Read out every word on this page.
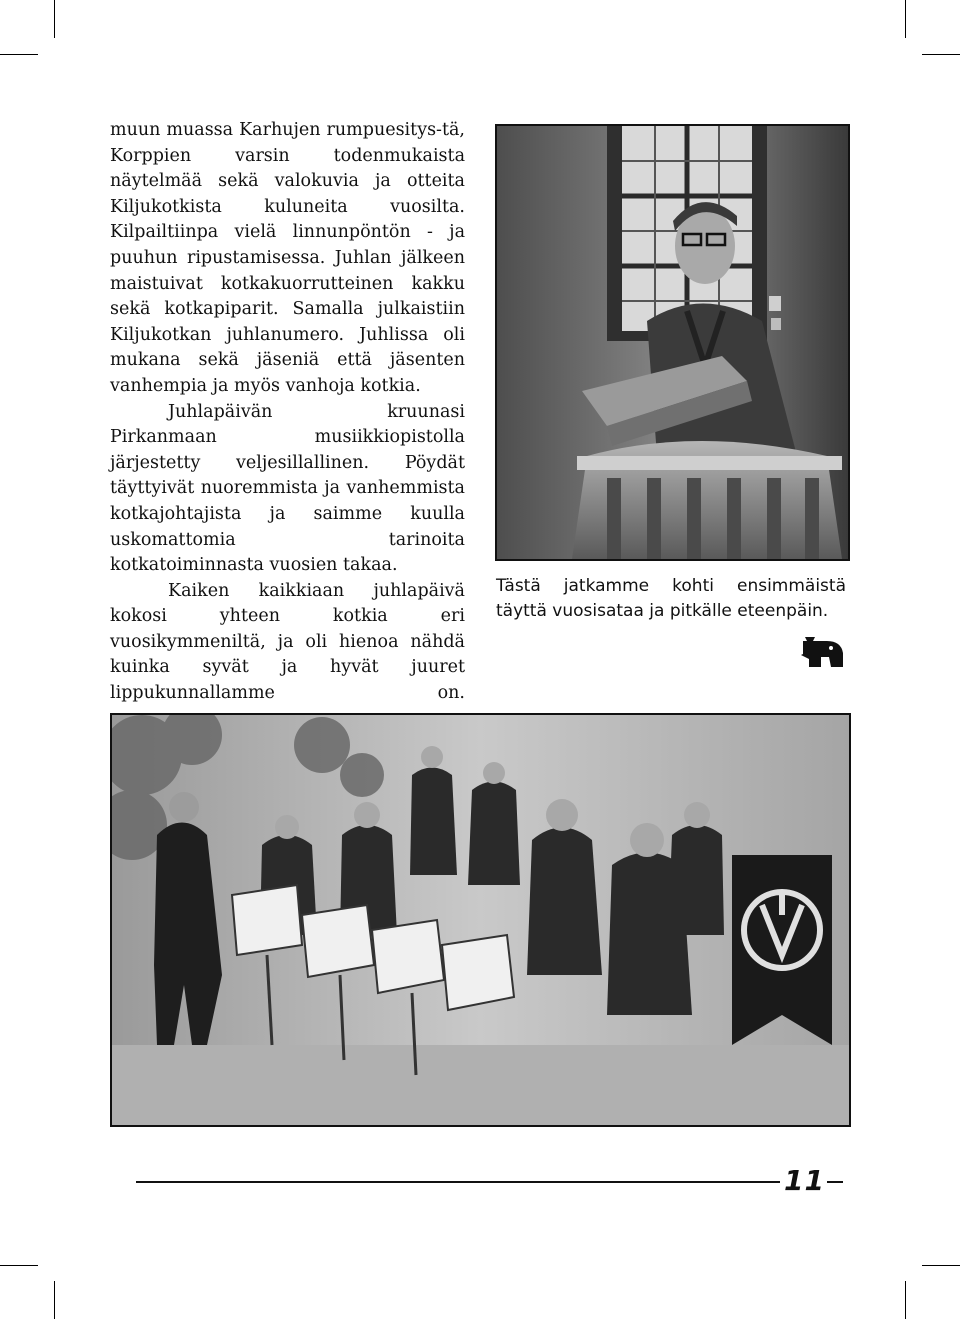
muun muassa Karhujen rumpuesitys-tä, Korppien varsin todenmukaista näytelmää sekä valokuvia ja otteita Kiljukotkista kuluneita vuosilta. Kilpailtiinpa vielä linnunpöntön - ja puuhun ripustamisessa. Juhlan jälkeen maistuivat kotkakuorrutteinen kakku sekä kotkapiparit. Samalla julkaistiin Kiljukotkan juhlanumero. Juhlissa oli mukana sekä jäseniä että jäsenten vanhempia ja myös vanhoja kotkia.

Juhlapäivän kruunasi Pirkanmaan musiikkiopistolla järjestetty veljesillallinen. Pöydät täyttyivät nuoremmista ja vanhemmista kotkajohtajista ja saimme kuulla uskomattomia tarinoita kotkatoiminnasta vuosien takaa.

Kaiken kaikkiaan juhlapäivä kokosi yhteen kotkia eri vuosikymmeniltä, ja oli hienoa nähdä kuinka syvät ja hyvät juuret lippukunnallamme on.

Tästä jatkamme kohti ensimmäistä
täyttä vuosisataa ja pitkälle eteenpäin.

11
